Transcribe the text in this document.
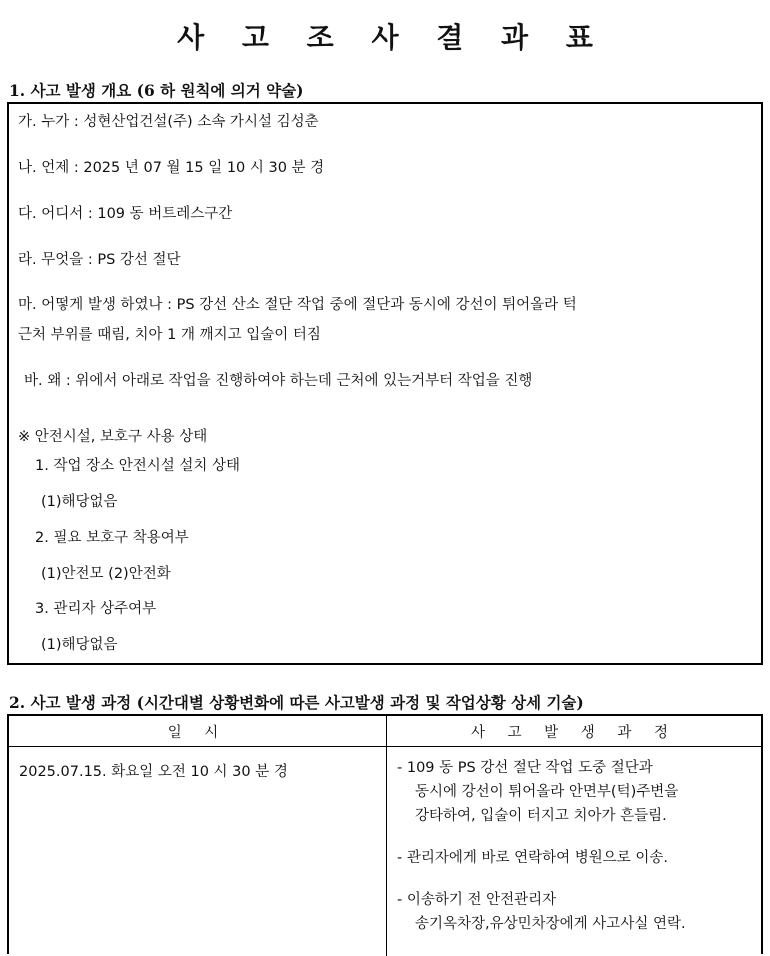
사 고 조 사 결 과 표
1. 사고 발생 개요 (6 하 원칙에 의거 약술)
가. 누가 : 성현산업건설(주) 소속 가시설 김성춘
나. 언제 : 2025 년 07 월 15 일 10 시 30 분 경
다. 어디서 : 109 동 버트레스구간
라. 무엇을 : PS 강선 절단
마. 어떻게 발생 하였나 : PS 강선 산소 절단 작업 중에 절단과 동시에 강선이 튀어올라 턱
근처 부위를 때림, 치아 1 개 깨지고 입술이 터짐
바. 왜 : 위에서 아래로 작업을 진행하여야 하는데 근처에 있는거부터 작업을 진행
※ 안전시설, 보호구 사용 상태
1. 작업 장소 안전시설 설치 상태
(1)해당없음
2. 필요 보호구 착용여부
(1)안전모 (2)안전화
3. 관리자 상주여부
(1)해당없음
2. 사고 발생 과정 (시간대별 상황변화에 따른 사고발생 과정 및 작업상황 상세 기술)
일 시	사 고 발 생 과 정
2025.07.15. 화요일 오전 10 시 30 분 경	- 109 동 PS 강선 절단 작업 도중 절단과
동시에 강선이 튀어올라 안면부(턱)주변을
강타하여, 입술이 터지고 치아가 흔들림.
- 관리자에게 바로 연락하여 병원으로 이송.
- 이송하기 전 안전관리자
송기옥차장,유상민차장에게 사고사실 연락.
